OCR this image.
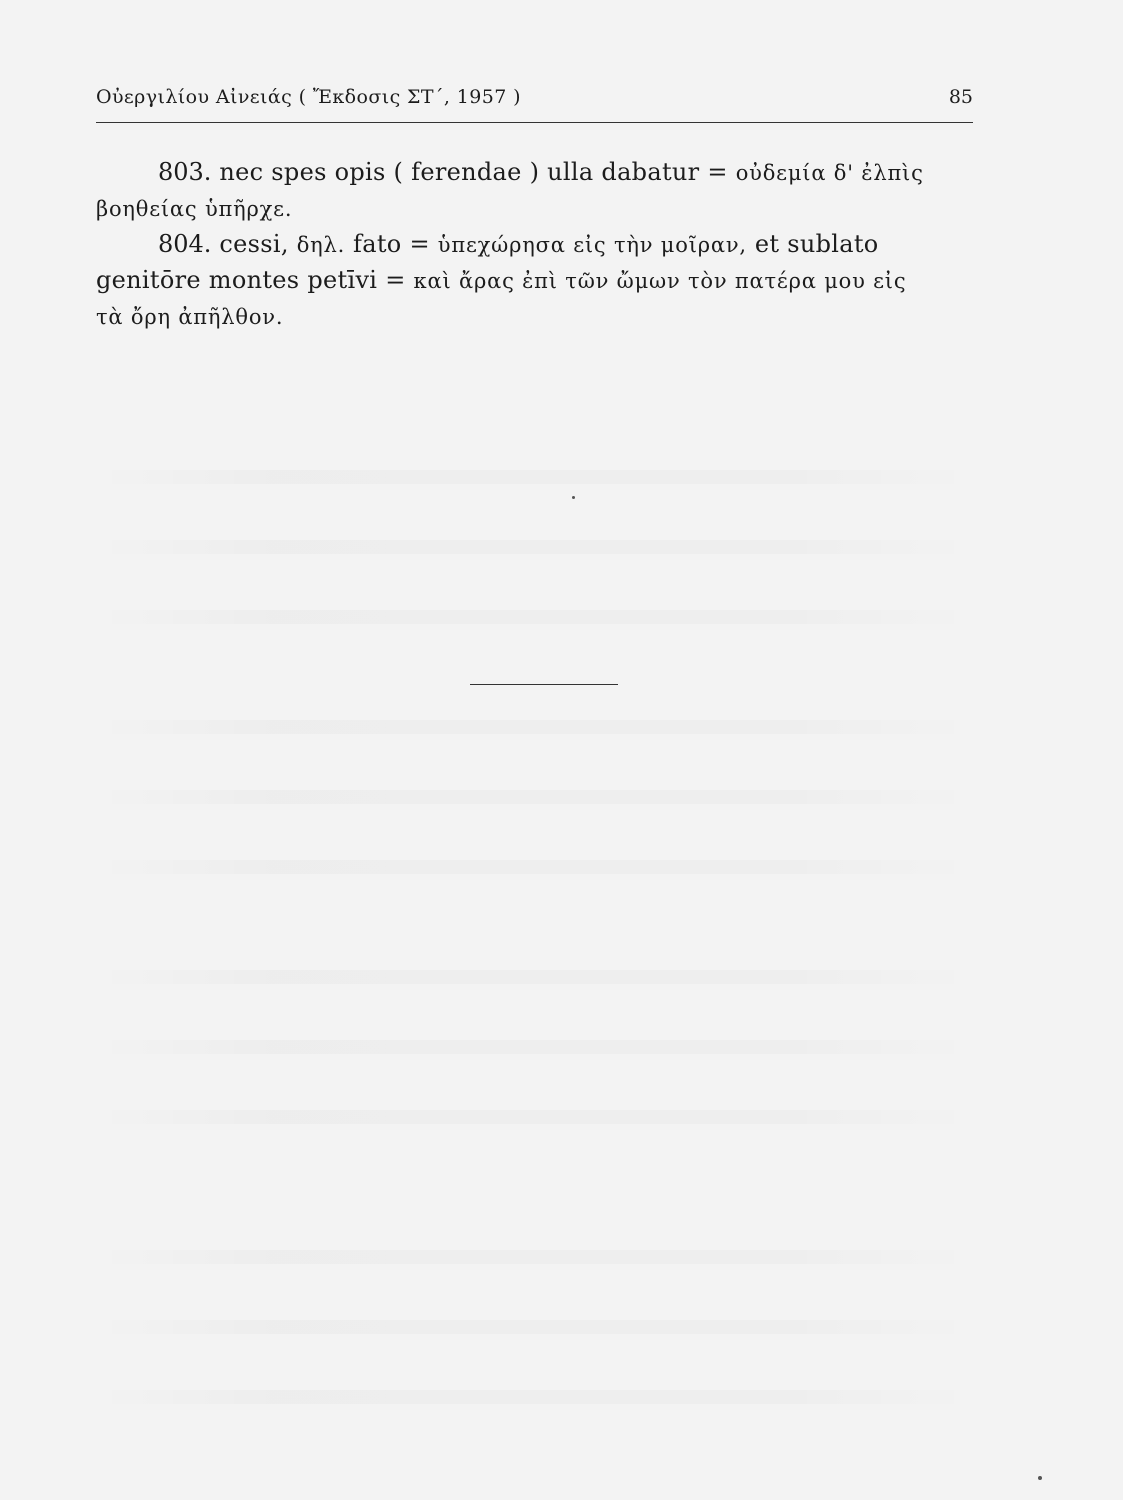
Οὐεργιλίου Αἰνειάς ( Ἔκδοσις ΣΤ΄, 1957 )	85
803. nec spes opis ( ferendae ) ulla dabatur = οὐδεμία δ' ἐλπὶς
βοηθείας ὑπῆρχε.
804. cessi, δηλ. fato = ὑπεχώρησα εἰς τὴν μοῖραν, et sublato
genitōre montes petīvi = καὶ ἄρας ἐπὶ τῶν ὤμων τὸν πατέρα μου εἰς
τὰ ὄρη ἀπῆλθον.
